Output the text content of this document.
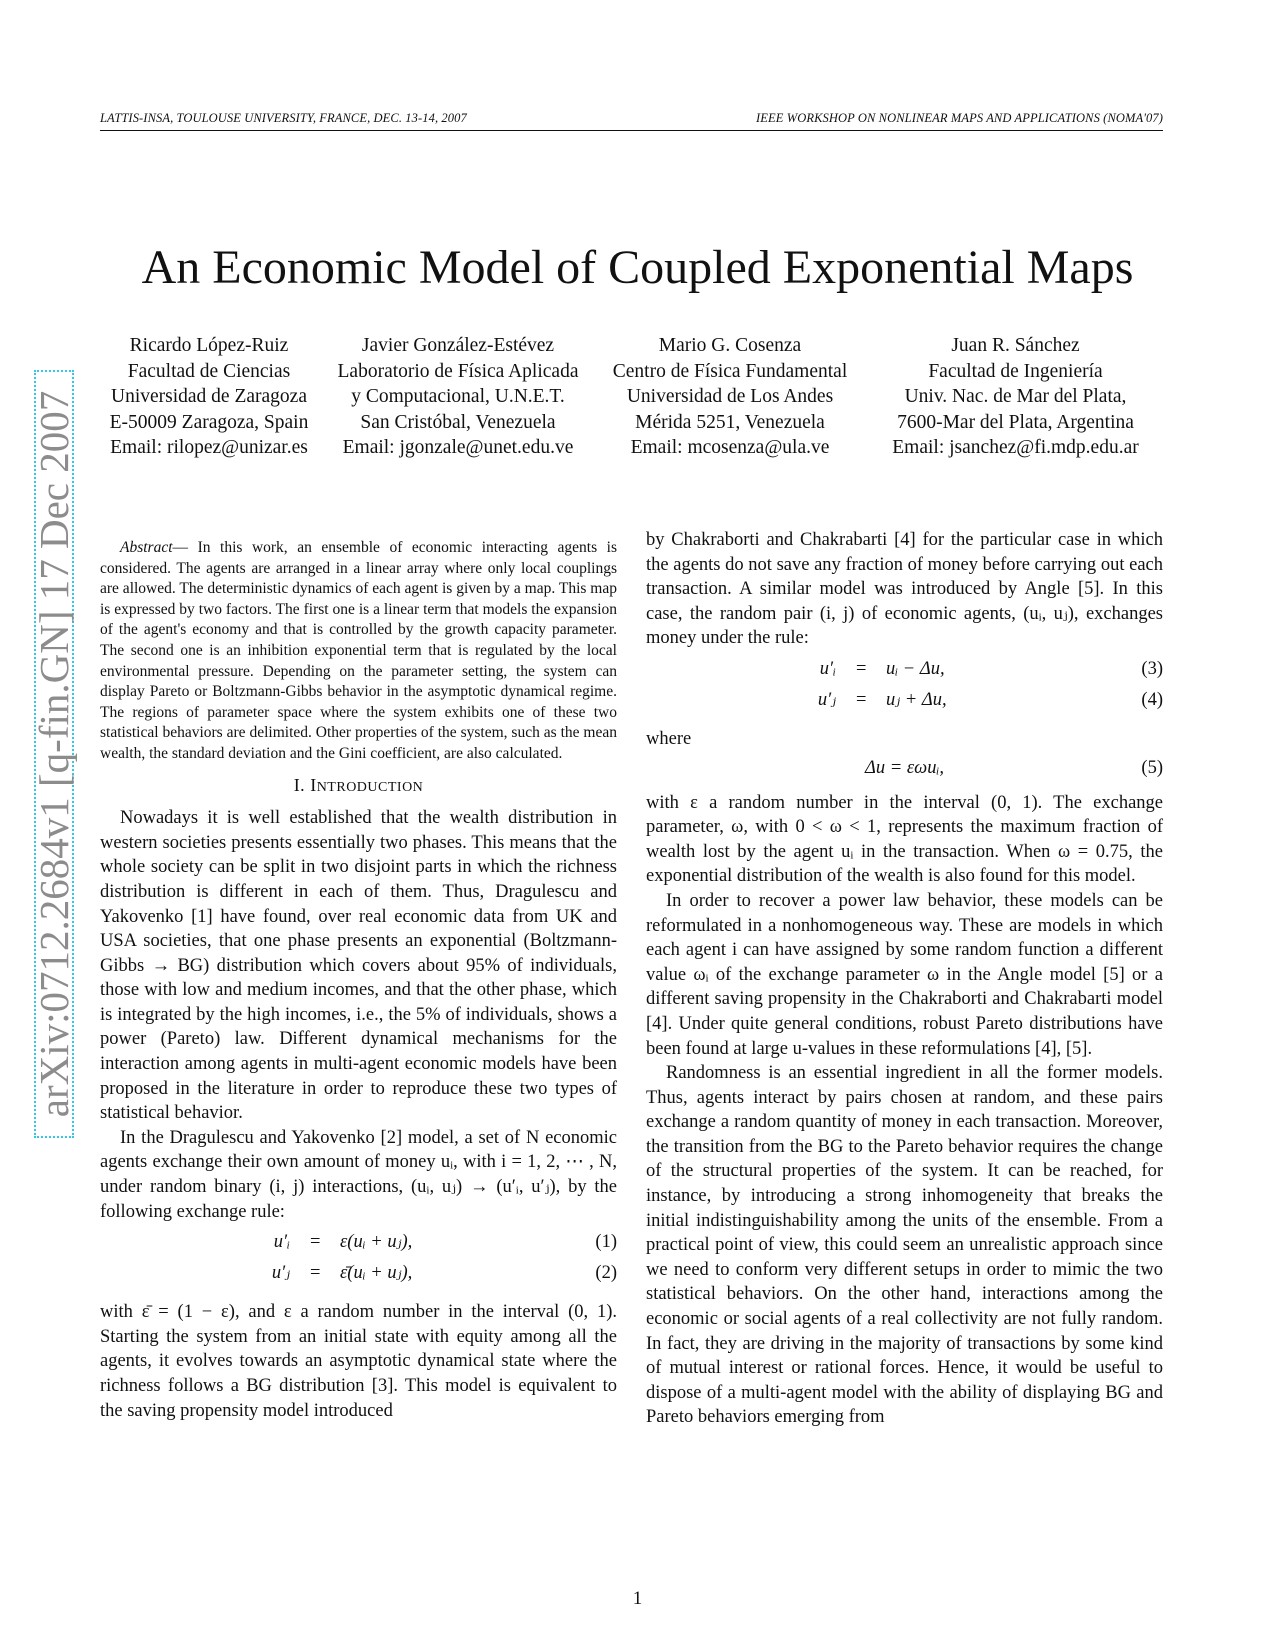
LATTIS-INSA, TOULOUSE UNIVERSITY, FRANCE, DEC. 13-14, 2007	IEEE WORKSHOP ON NONLINEAR MAPS AND APPLICATIONS (NOMA'07)
An Economic Model of Coupled Exponential Maps
Ricardo López-Ruiz
Facultad de Ciencias
Universidad de Zaragoza
E-50009 Zaragoza, Spain
Email: rilopez@unizar.es
Javier González-Estévez
Laboratorio de Física Aplicada
y Computacional, U.N.E.T.
San Cristóbal, Venezuela
Email: jgonzale@unet.edu.ve
Mario G. Cosenza
Centro de Física Fundamental
Universidad de Los Andes
Mérida 5251, Venezuela
Email: mcosenza@ula.ve
Juan R. Sánchez
Facultad de Ingeniería
Univ. Nac. de Mar del Plata,
7600-Mar del Plata, Argentina
Email: jsanchez@fi.mdp.edu.ar
arXiv:0712.2684v1 [q-fin.GN] 17 Dec 2007	Abstract— In this work, an ensemble of economic interacting agents is considered. The agents are arranged in a linear array where only local couplings are allowed. The deterministic dynamics of each agent is given by a map. This map is expressed by two factors. The first one is a linear term that models the expansion of the agent's economy and that is controlled by the growth capacity parameter. The second one is an inhibition exponential term that is regulated by the local environmental pressure. Depending on the parameter setting, the system can display Pareto or Boltzmann-Gibbs behavior in the asymptotic dynamical regime. The regions of parameter space where the system exhibits one of these two statistical behaviors are delimited. Other properties of the system, such as the mean wealth, the standard deviation and the Gini coefficient, are also calculated.

I. INTRODUCTION

Nowadays it is well established that the wealth distribution in western societies presents essentially two phases. This means that the whole society can be split in two disjoint parts in which the richness distribution is different in each of them. Thus, Dragulescu and Yakovenko [1] have found, over real economic data from UK and USA societies, that one phase presents an exponential (Boltzmann-Gibbs → BG) distribution which covers about 95% of individuals, those with low and medium incomes, and that the other phase, which is integrated by the high incomes, i.e., the 5% of individuals, shows a power (Pareto) law. Different dynamical mechanisms for the interaction among agents in multi-agent economic models have been proposed in the literature in order to reproduce these two types of statistical behavior.

In the Dragulescu and Yakovenko [2] model, a set of N economic agents exchange their own amount of money uᵢ, with i = 1, 2, ⋯ , N, under random binary (i, j) interactions, (uᵢ, uⱼ) → (u′ᵢ, u′ⱼ), by the following exchange rule:

u′ᵢ = ε(uᵢ + uⱼ),	(1)
u′ⱼ = ε̄(uᵢ + uⱼ),	(2)

with ε̄ = (1 − ε), and ε a random number in the interval (0, 1). Starting the system from an initial state with equity among all the agents, it evolves towards an asymptotic dynamical state where the richness follows a BG distribution [3]. This model is equivalent to the saving propensity model introduced

by Chakraborti and Chakrabarti [4] for the particular case in which the agents do not save any fraction of money before carrying out each transaction. A similar model was introduced by Angle [5]. In this case, the random pair (i, j) of economic agents, (uᵢ, uⱼ), exchanges money under the rule:

u′ᵢ = uᵢ − Δu,	(3)
u′ⱼ = uⱼ + Δu,	(4)

where

Δu = εωuᵢ,	(5)

with ε a random number in the interval (0, 1). The exchange parameter, ω, with 0 < ω < 1, represents the maximum fraction of wealth lost by the agent uᵢ in the transaction. When ω = 0.75, the exponential distribution of the wealth is also found for this model.

In order to recover a power law behavior, these models can be reformulated in a nonhomogeneous way. These are models in which each agent i can have assigned by some random function a different value ωᵢ of the exchange parameter ω in the Angle model [5] or a different saving propensity in the Chakraborti and Chakrabarti model [4]. Under quite general conditions, robust Pareto distributions have been found at large u-values in these reformulations [4], [5].

Randomness is an essential ingredient in all the former models. Thus, agents interact by pairs chosen at random, and these pairs exchange a random quantity of money in each transaction. Moreover, the transition from the BG to the Pareto behavior requires the change of the structural properties of the system. It can be reached, for instance, by introducing a strong inhomogeneity that breaks the initial indistinguishability among the units of the ensemble. From a practical point of view, this could seem an unrealistic approach since we need to conform very different setups in order to mimic the two statistical behaviors. On the other hand, interactions among the economic or social agents of a real collectivity are not fully random. In fact, they are driving in the majority of transactions by some kind of mutual interest or rational forces. Hence, it would be useful to dispose of a multi-agent model with the ability of displaying BG and Pareto behaviors emerging from

1
